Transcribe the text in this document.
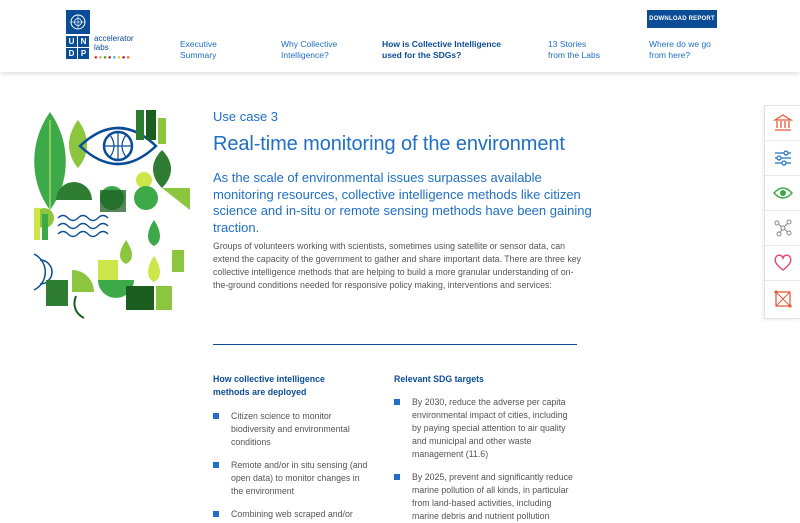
U N
D P
accelerator
labs
●●●●●●●●
Executive
Summary
Why Collective
Intelligence?
How is Collective Intelligence
used for the SDGs?
13 Stories
from the Labs
Where do we go
from here?
DOWNLOAD REPORT
Use case 3
Real-time monitoring of the environment
As the scale of environmental issues surpasses available monitoring resources, collective intelligence methods like citizen science and in-situ or remote sensing methods have been gaining traction.
Groups of volunteers working with scientists, sometimes using satellite or sensor data, can extend the capacity of the government to gather and share important data. There are three key collective intelligence methods that are helping to build a more granular understanding of on-the-ground conditions needed for responsive policy making, interventions and services:
How collective intelligence
methods are deployed
Citizen science to monitor biodiversity and environmental conditions
Remote and/or in situ sensing (and open data) to monitor changes in the environment
Combining web scraped and/or
Relevant SDG targets
By 2030, reduce the adverse per capita environmental impact of cities, including by paying special attention to air quality and municipal and other waste management (11.6)
By 2025, prevent and significantly reduce marine pollution of all kinds, in particular from land-based activities, including marine debris and nutrient pollution
